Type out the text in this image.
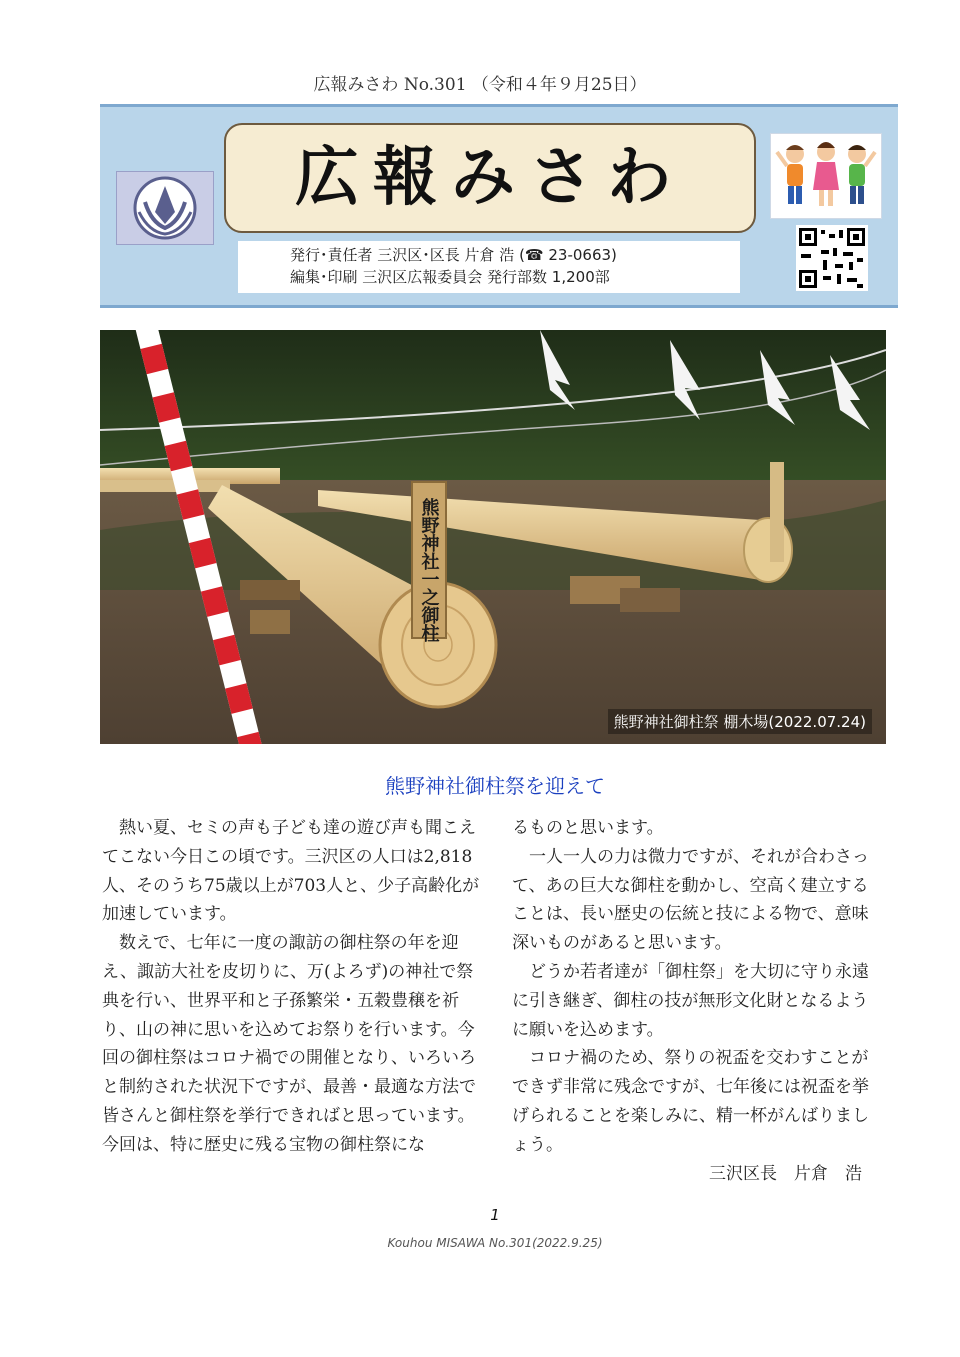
広報みさわ No.301 （令和４年９月25日）
広報みさわ
発行･責任者 三沢区･区長 片倉 浩 (☎ 23-0663)
編集･印刷 三沢区広報委員会 発行部数 1,200部
熊野神社一之御柱
熊野神社御柱祭 棚木場(2022.07.24)
熊野神社御柱祭を迎えて

熱い夏、セミの声も子ども達の遊び声も聞こえてこない今日この頃です。三沢区の人口は2,818人、そのうち75歳以上が703人と、少子高齢化が加速しています。

数えで、七年に一度の諏訪の御柱祭の年を迎え、諏訪大社を皮切りに、万(よろず)の神社で祭典を行い、世界平和と子孫繁栄・五穀豊穣を祈り、山の神に思いを込めてお祭りを行います。今回の御柱祭はコロナ禍での開催となり、いろいろと制約された状況下ですが、最善・最適な方法で皆さんと御柱祭を挙行できればと思っています。今回は、特に歴史に残る宝物の御柱祭にな

るものと思います。

一人一人の力は微力ですが、それが合わさって、あの巨大な御柱を動かし、空高く建立することは、長い歴史の伝統と技による物で、意味深いものがあると思います。

どうか若者達が「御柱祭」を大切に守り永遠に引き継ぎ、御柱の技が無形文化財となるように願いを込めます。

コロナ禍のため、祭りの祝盃を交わすことができず非常に残念ですが、七年後には祝盃を挙げられることを楽しみに、精一杯がんばりましょう。

三沢区長　片倉　浩

1
Kouhou MISAWA No.301(2022.9.25)
